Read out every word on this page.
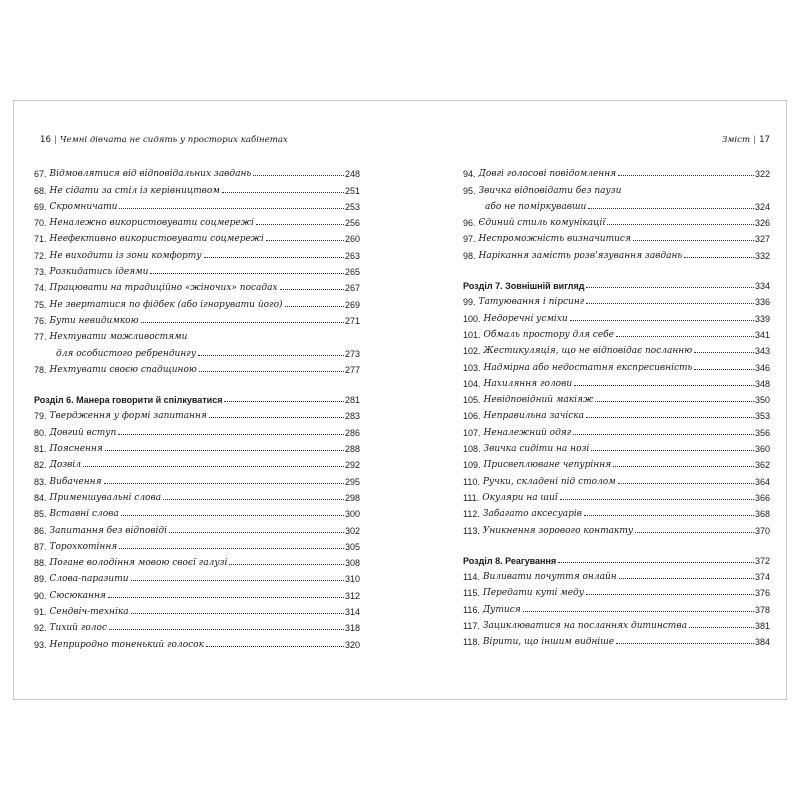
16 | Чемні дівчата не сидять у просторих кабінетах
67. Відмовлятися від відповідальних завдань	248
68. Не сідати за стіл із керівництвом	251
69. Скромничати	253
70. Неналежно використовувати соцмережі	256
71. Неефективно використовувати соцмережі	260
72. Не виходити із зони комфорту	263
73. Розкидатись ідеями	265
74. Працювати на традиційно «жіночих» посадах	267
75. Не звертатися по фідбек (або ігнорувати його)	269
76. Бути невидимкою	271
77. Нехтувати можливостями
для особистого ребрендингу	273
78. Нехтувати своєю спадщиною	277
Розділ 6. Манера говорити й спілкуватися	281
79. Твердження у формі запитання	283
80. Довгий вступ	286
81. Пояснення	288
82. Дозвіл	292
83. Вибачення	295
84. Применшувальні слова	298
85. Вставні слова	300
86. Запитання без відповіді	302
87. Торохкотіння	305
88. Погане володіння мовою своєї галузі	308
89. Слова-паразити	310
90. Сюсюкання	312
91. Сендвіч-техніка	314
92. Тихий голос	318
93. Неприродно тоненький голосок	320
Зміст | 17
94. Довгі голосові повідомлення	322
95. Звичка відповідати без паузи
або не поміркувавши	324
96. Єдиний стиль комунікації	326
97. Неспроможність визначитися	327
98. Нарікання замість розв'язування завдань	332
Розділ 7. Зовнішній вигляд	334
99. Татуювання і пірсинг	336
100. Недоречні усміхи	339
101. Обмаль простору для себе	341
102. Жестикуляція, що не відповідає посланню	343
103. Надмірна або недостатня експресивність	346
104. Нахиляння голови	348
105. Невідповідний макіяж	350
106. Неправильна зачіска	353
107. Неналежний одяг	356
108. Звичка сидіти на нозі	360
109. Присвеплюване чепуріння	362
110. Ручки, складені під столом	364
111. Окуляри на шиї	366
112. Забагато аксесуарів	368
113. Уникнення зорового контакту	370
Розділ 8. Реагування	372
114. Виливати почуття онлайн	374
115. Передати куті меду	376
116. Дутися	378
117. Зациклюватися на посланнях дитинства	381
118. Вірити, що іншим видніше	384
